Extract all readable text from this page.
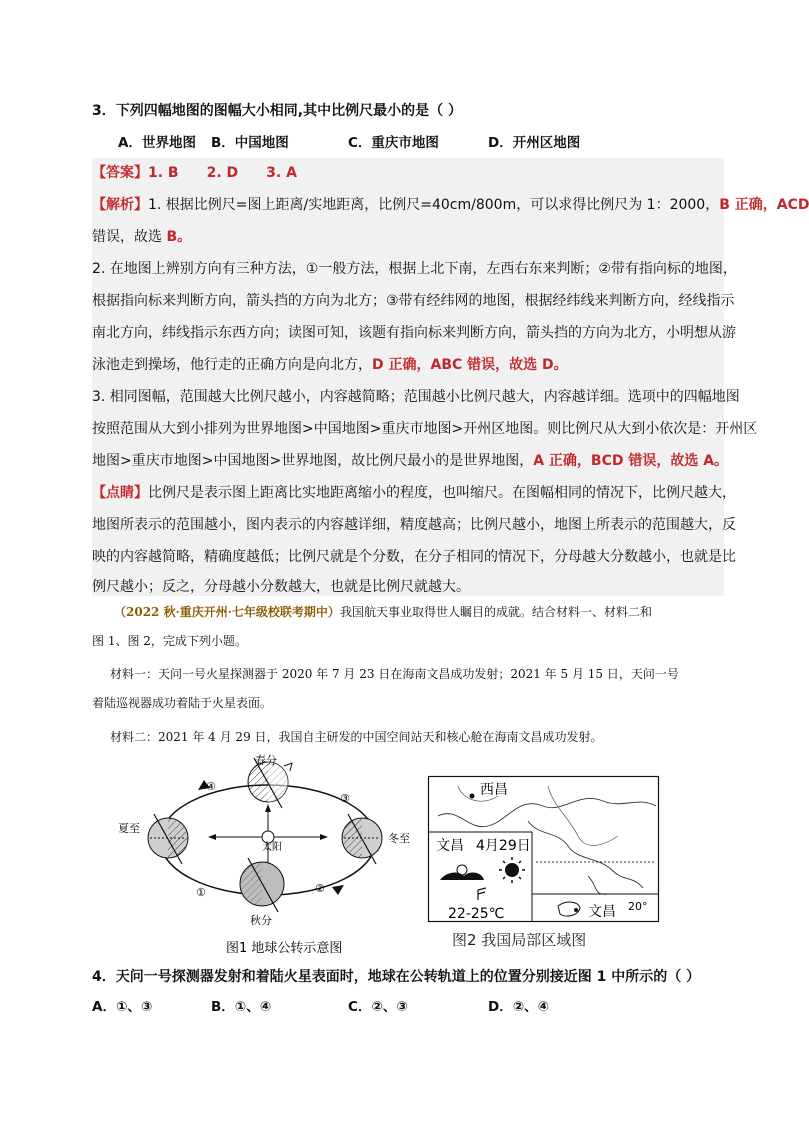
3．下列四幅地图的图幅大小相同,其中比例尺最小的是（ ）
A．世界地图 B．中国地图	C．重庆市地图	D．开州区地图
【答案】1. B　　2. D　　3. A
【解析】1. 根据比例尺=图上距离/实地距离，比例尺=40cm/800m，可以求得比例尺为 1：2000，B 正确，ACD
错误，故选 B。
2. 在地图上辨别方向有三种方法，①一般方法，根据上北下南，左西右东来判断；②带有指向标的地图，
根据指向标来判断方向，箭头挡的方向为北方；③带有经纬网的地图，根据经纬线来判断方向，经线指示
南北方向，纬线指示东西方向；读图可知，该题有指向标来判断方向，箭头挡的方向为北方，小明想从游
泳池走到操场，他行走的正确方向是向北方，D 正确，ABC 错误，故选 D。
3. 相同图幅，范围越大比例尺越小，内容越简略；范围越小比例尺越大，内容越详细。选项中的四幅地图
按照范围从大到小排列为世界地图>中国地图>重庆市地图>开州区地图。则比例尺从大到小依次是：开州区
地图>重庆市地图>中国地图>世界地图，故比例尺最小的是世界地图，A 正确，BCD 错误，故选 A。
【点睛】比例尺是表示图上距离比实地距离缩小的程度，也叫缩尺。在图幅相同的情况下，比例尺越大，
地图所表示的范围越小，图内表示的内容越详细，精度越高；比例尺越小，地图上所表示的范围越大，反
映的内容越简略，精确度越低；比例尺就是个分数，在分子相同的情况下，分母越大分数越小，也就是比
例尺越小；反之，分母越小分数越大，也就是比例尺就越大。
（2022 秋·重庆开州·七年级校联考期中）我国航天事业取得世人瞩目的成就。结合材料一、材料二和
图 1、图 2，完成下列小题。
材料一：天问一号火星探测器于 2020 年 7 月 23 日在海南文昌成功发射；2021 年 5 月 15 日，天问一号
着陆巡视器成功着陆于火星表面。
材料二：2021 年 4 月 29 日，我国自主研发的中国空间站天和核心舱在海南文昌成功发射。
太阳
春分
夏至
冬至
秋分
①	②
③
④
图1 地球公转示意图
文昌 20°
西昌
文昌 4月29日
22-25℃
图2 我国局部区域图
4．天问一号探测器发射和着陆火星表面时，地球在公转轨道上的位置分别接近图 1 中所示的（ ）
A．①、③	B．①、④	C．②、③	D．②、④
